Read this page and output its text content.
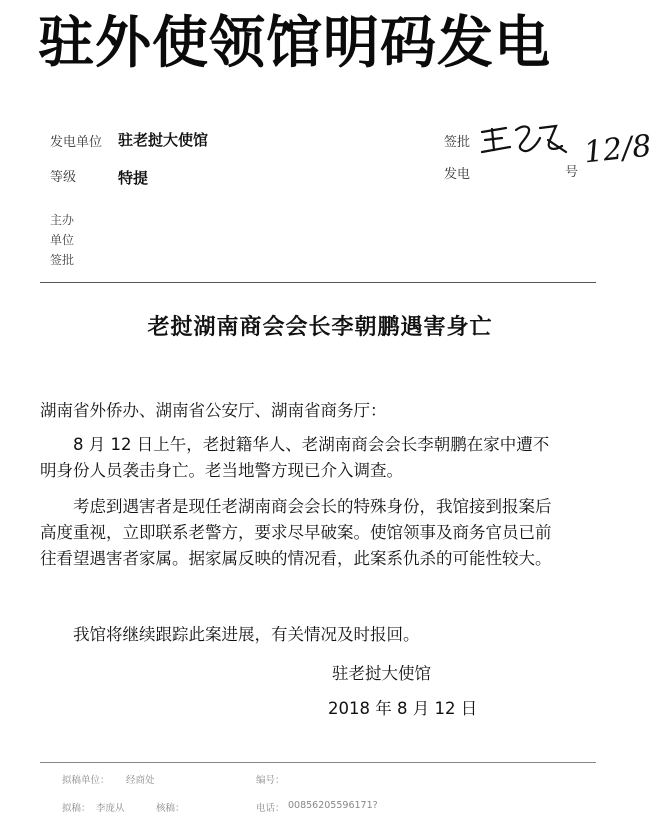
驻外使领馆明码发电
发电单位 驻老挝大使馆
等级	特提
签批
发电	号
12/8
主办
单位
签批
老挝湖南商会会长李朝鹏遇害身亡
湖南省外侨办、湖南省公安厅、湖南省商务厅：
8 月 12 日上午，老挝籍华人、老湖南商会会长李朝鹏在家中遭不明身份人员袭击身亡。老当地警方现已介入调查。
考虑到遇害者是现任老湖南商会会长的特殊身份，我馆接到报案后高度重视，立即联系老警方，要求尽早破案。使馆领事及商务官员已前往看望遇害者家属。据家属反映的情况看，此案系仇杀的可能性较大。
我馆将继续跟踪此案进展，有关情况及时报回。
驻老挝大使馆
2018 年 8 月 12 日
拟稿单位： 经商处	编号：
拟稿： 李庞从	核稿：	电话： 00856205596171?
